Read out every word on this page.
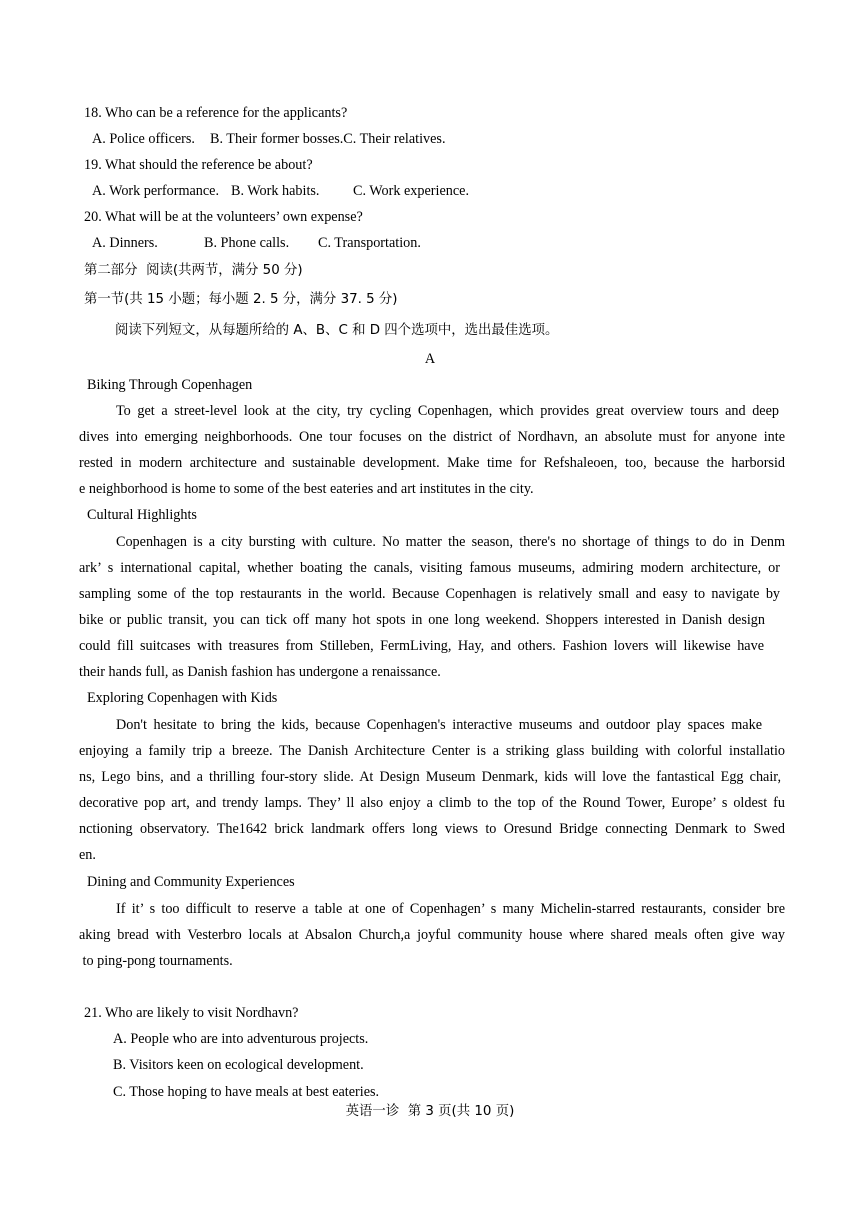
18. Who can be a reference for the applicants?
A. Police officers. B. Their former bosses.C. Their relatives.
19. What should the reference be about?
A. Work performance. B. Work habits. C. Work experience.
20. What will be at the volunteers’ own expense?
A. Dinners.	B. Phone calls. C. Transportation.
第二部分  阅读(共两节，满分 50 分)
第一节(共 15 小题；每小题 2. 5 分，满分 37. 5 分)
阅读下列短文，从每题所给的 A、B、C 和 D 四个选项中，选出最佳选项。
A
Biking Through Copenhagen
To get a street-level look at the city, try cycling Copenhagen, which provides great overview tours and deep
dives into emerging neighborhoods. One tour focuses on the district of Nordhavn, an absolute must for anyone inte
rested in modern architecture and sustainable development. Make time for Refshaleoen, too, because the harborsid
e neighborhood is home to some of the best eateries and art institutes in the city.
Cultural Highlights
Copenhagen is a city bursting with culture. No matter the season, there's no shortage of things to do in Denm
ark’ s international capital, whether boating the canals, visiting famous museums, admiring modern architecture, or
sampling some of the top restaurants in the world. Because Copenhagen is relatively small and easy to navigate by
bike or public transit, you can tick off many hot spots in one long weekend. Shoppers interested in Danish design
could fill suitcases with treasures from Stilleben, FermLiving, Hay, and others. Fashion lovers will likewise have
their hands full, as Danish fashion has undergone a renaissance.
Exploring Copenhagen with Kids
Don't hesitate to bring the kids, because Copenhagen's interactive museums and outdoor play spaces make
enjoying a family trip a breeze. The Danish Architecture Center is a striking glass building with colorful installatio
ns, Lego bins, and a thrilling four-story slide. At Design Museum Denmark, kids will love the fantastical Egg chair,
decorative pop art, and trendy lamps. They’ ll also enjoy a climb to the top of the Round Tower, Europe’ s oldest fu
nctioning observatory. The1642 brick landmark offers long views to Oresund Bridge connecting Denmark to Swed
en.
Dining and Community Experiences
If it’ s too difficult to reserve a table at one of Copenhagen’ s many Michelin-starred restaurants, consider bre
aking bread with Vesterbro locals at Absalon Church,a joyful community house where shared meals often give way
to ping-pong tournaments.
21. Who are likely to visit Nordhavn?
A. People who are into adventurous projects.
B. Visitors keen on ecological development.
C. Those hoping to have meals at best eateries.
英语一诊  第 3 页(共 10 页)
